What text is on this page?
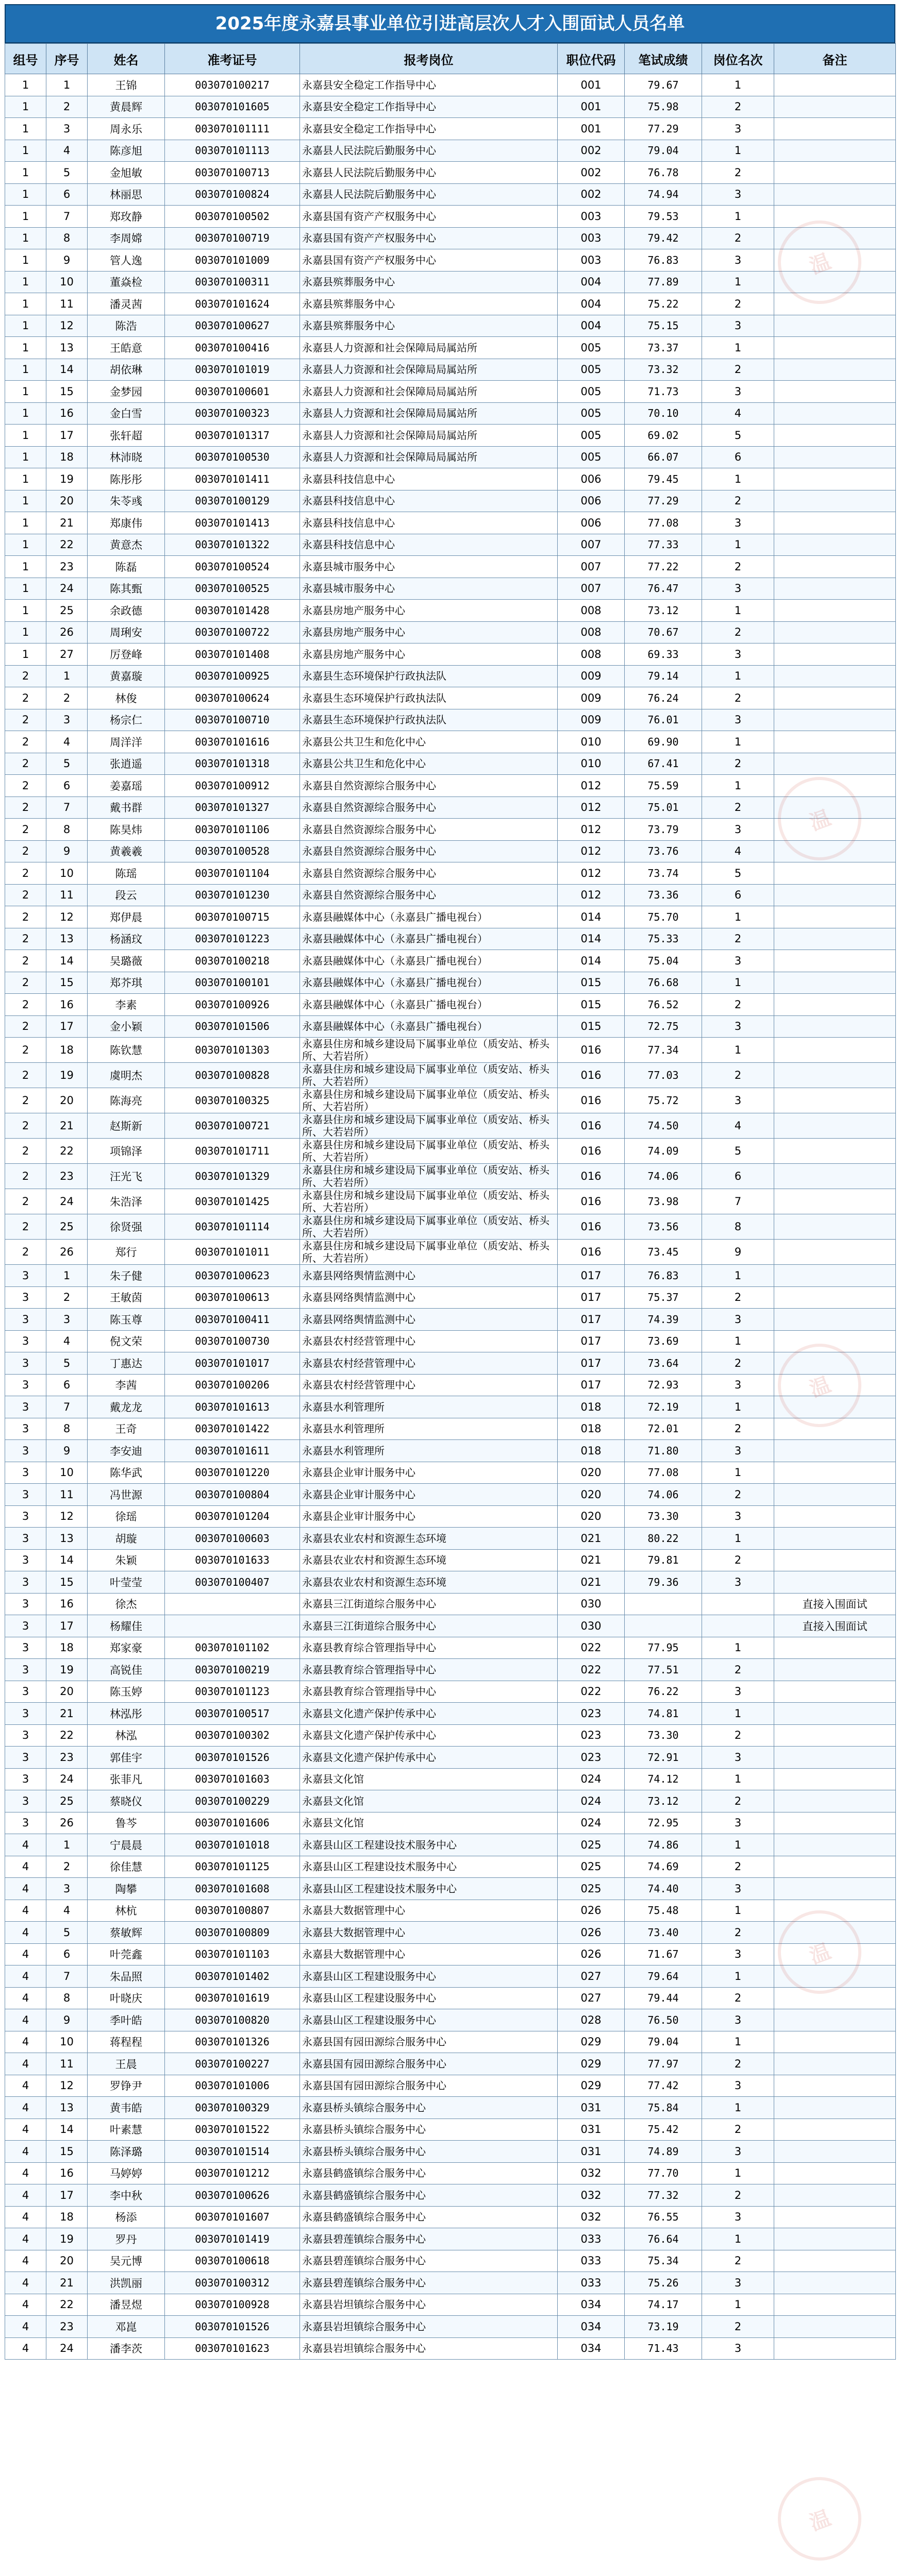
2025年度永嘉县事业单位引进高层次人才入围面试人员名单
组号	序号	姓名	准考证号	报考岗位	职位代码	笔试成绩	岗位名次	备注
1	1	王锦	003070100217	永嘉县安全稳定工作指导中心	001	79.67	1	
1	2	黄晨辉	003070101605	永嘉县安全稳定工作指导中心	001	75.98	2	
1	3	周永乐	003070101111	永嘉县安全稳定工作指导中心	001	77.29	3	
1	4	陈彦旭	003070101113	永嘉县人民法院后勤服务中心	002	79.04	1	
1	5	金旭敏	003070100713	永嘉县人民法院后勤服务中心	002	76.78	2	
1	6	林丽思	003070100824	永嘉县人民法院后勤服务中心	002	74.94	3	
1	7	郑玫静	003070100502	永嘉县国有资产产权服务中心	003	79.53	1	
1	8	李周嫦	003070100719	永嘉县国有资产产权服务中心	003	79.42	2	
1	9	管人逸	003070101009	永嘉县国有资产产权服务中心	003	76.83	3	
1	10	董焱检	003070100311	永嘉县殡葬服务中心	004	77.89	1	
1	11	潘灵茜	003070101624	永嘉县殡葬服务中心	004	75.22	2	
1	12	陈浩	003070100627	永嘉县殡葬服务中心	004	75.15	3	
1	13	王皓意	003070100416	永嘉县人力资源和社会保障局局属站所	005	73.37	1	
1	14	胡依琳	003070101019	永嘉县人力资源和社会保障局局属站所	005	73.32	2	
1	15	金梦园	003070100601	永嘉县人力资源和社会保障局局属站所	005	71.73	3	
1	16	金白雪	003070100323	永嘉县人力资源和社会保障局局属站所	005	70.10	4	
1	17	张轩超	003070101317	永嘉县人力资源和社会保障局局属站所	005	69.02	5	
1	18	林沛晓	003070100530	永嘉县人力资源和社会保障局局属站所	005	66.07	6	
1	19	陈彤彤	003070101411	永嘉县科技信息中心	006	79.45	1	
1	20	朱苓彧	003070100129	永嘉县科技信息中心	006	77.29	2	
1	21	郑康伟	003070101413	永嘉县科技信息中心	006	77.08	3	
1	22	黄意杰	003070101322	永嘉县科技信息中心	007	77.33	1	
1	23	陈磊	003070100524	永嘉县城市服务中心	007	77.22	2	
1	24	陈其甄	003070100525	永嘉县城市服务中心	007	76.47	3	
1	25	余政德	003070101428	永嘉县房地产服务中心	008	73.12	1	
1	26	周琍安	003070100722	永嘉县房地产服务中心	008	70.67	2	
1	27	厉登峰	003070101408	永嘉县房地产服务中心	008	69.33	3	
2	1	黄嘉璇	003070100925	永嘉县生态环境保护行政执法队	009	79.14	1	
2	2	林俊	003070100624	永嘉县生态环境保护行政执法队	009	76.24	2	
2	3	杨宗仁	003070100710	永嘉县生态环境保护行政执法队	009	76.01	3	
2	4	周洋洋	003070101616	永嘉县公共卫生和危化中心	010	69.90	1	
2	5	张逍遥	003070101318	永嘉县公共卫生和危化中心	010	67.41	2	
2	6	姜嘉瑶	003070100912	永嘉县自然资源综合服务中心	012	75.59	1	
2	7	戴书群	003070101327	永嘉县自然资源综合服务中心	012	75.01	2	
2	8	陈昊炜	003070101106	永嘉县自然资源综合服务中心	012	73.79	3	
2	9	黄羲羲	003070100528	永嘉县自然资源综合服务中心	012	73.76	4	
2	10	陈瑶	003070101104	永嘉县自然资源综合服务中心	012	73.74	5	
2	11	段云	003070101230	永嘉县自然资源综合服务中心	012	73.36	6	
2	12	郑伊晨	003070100715	永嘉县融媒体中心（永嘉县广播电视台）	014	75.70	1	
2	13	杨涵玟	003070101223	永嘉县融媒体中心（永嘉县广播电视台）	014	75.33	2	
2	14	吴璐薇	003070100218	永嘉县融媒体中心（永嘉县广播电视台）	014	75.04	3	
2	15	郑芥琪	003070100101	永嘉县融媒体中心（永嘉县广播电视台）	015	76.68	1	
2	16	李素	003070100926	永嘉县融媒体中心（永嘉县广播电视台）	015	76.52	2	
2	17	金小颖	003070101506	永嘉县融媒体中心（永嘉县广播电视台）	015	72.75	3	
2	18	陈钦慧	003070101303	永嘉县住房和城乡建设局下属事业单位（质安站、桥头所、大若岩所）	016	77.34	1	
2	19	虞明杰	003070100828	永嘉县住房和城乡建设局下属事业单位（质安站、桥头所、大若岩所）	016	77.03	2	
2	20	陈海亮	003070100325	永嘉县住房和城乡建设局下属事业单位（质安站、桥头所、大若岩所）	016	75.72	3	
2	21	赵斯新	003070100721	永嘉县住房和城乡建设局下属事业单位（质安站、桥头所、大若岩所）	016	74.50	4	
2	22	项锦泽	003070101711	永嘉县住房和城乡建设局下属事业单位（质安站、桥头所、大若岩所）	016	74.09	5	
2	23	汪光飞	003070101329	永嘉县住房和城乡建设局下属事业单位（质安站、桥头所、大若岩所）	016	74.06	6	
2	24	朱浩泽	003070101425	永嘉县住房和城乡建设局下属事业单位（质安站、桥头所、大若岩所）	016	73.98	7	
2	25	徐贤强	003070101114	永嘉县住房和城乡建设局下属事业单位（质安站、桥头所、大若岩所）	016	73.56	8	
2	26	郑行	003070101011	永嘉县住房和城乡建设局下属事业单位（质安站、桥头所、大若岩所）	016	73.45	9	
3	1	朱子健	003070100623	永嘉县网络舆情监测中心	017	76.83	1	
3	2	王敏茵	003070100613	永嘉县网络舆情监测中心	017	75.37	2	
3	3	陈玉尊	003070100411	永嘉县网络舆情监测中心	017	74.39	3	
3	4	倪文荣	003070100730	永嘉县农村经营管理中心	017	73.69	1	
3	5	丁惠达	003070101017	永嘉县农村经营管理中心	017	73.64	2	
3	6	李茜	003070100206	永嘉县农村经营管理中心	017	72.93	3	
3	7	戴龙龙	003070101613	永嘉县水利管理所	018	72.19	1	
3	8	王奇	003070101422	永嘉县水利管理所	018	72.01	2	
3	9	李安迪	003070101611	永嘉县水利管理所	018	71.80	3	
3	10	陈华武	003070101220	永嘉县企业审计服务中心	020	77.08	1	
3	11	冯世源	003070100804	永嘉县企业审计服务中心	020	74.06	2	
3	12	徐瑶	003070101204	永嘉县企业审计服务中心	020	73.30	3	
3	13	胡璇	003070100603	永嘉县农业农村和资源生态环境	021	80.22	1	
3	14	朱颖	003070101633	永嘉县农业农村和资源生态环境	021	79.81	2	
3	15	叶莹莹	003070100407	永嘉县农业农村和资源生态环境	021	79.36	3	
3	16	徐杰		永嘉县三江街道综合服务中心	030			直接入围面试
3	17	杨耀佳		永嘉县三江街道综合服务中心	030			直接入围面试
3	18	郑家豪	003070101102	永嘉县教育综合管理指导中心	022	77.95	1	
3	19	高锐佳	003070100219	永嘉县教育综合管理指导中心	022	77.51	2	
3	20	陈玉婷	003070101123	永嘉县教育综合管理指导中心	022	76.22	3	
3	21	林泓彤	003070100517	永嘉县文化遗产保护传承中心	023	74.81	1	
3	22	林泓	003070100302	永嘉县文化遗产保护传承中心	023	73.30	2	
3	23	郭佳宇	003070101526	永嘉县文化遗产保护传承中心	023	72.91	3	
3	24	张菲凡	003070101603	永嘉县文化馆	024	74.12	1	
3	25	蔡晓仪	003070100229	永嘉县文化馆	024	73.12	2	
3	26	鲁芩	003070101606	永嘉县文化馆	024	72.95	3	
4	1	宁晨晨	003070101018	永嘉县山区工程建设技术服务中心	025	74.86	1	
4	2	徐佳慧	003070101125	永嘉县山区工程建设技术服务中心	025	74.69	2	
4	3	陶攀	003070101608	永嘉县山区工程建设技术服务中心	025	74.40	3	
4	4	林杭	003070100807	永嘉县大数据管理中心	026	75.48	1	
4	5	蔡敏辉	003070100809	永嘉县大数据管理中心	026	73.40	2	
4	6	叶莞鑫	003070101103	永嘉县大数据管理中心	026	71.67	3	
4	7	朱品照	003070101402	永嘉县山区工程建设服务中心	027	79.64	1	
4	8	叶晓庆	003070101619	永嘉县山区工程建设服务中心	027	79.44	2	
4	9	季叶皓	003070100820	永嘉县山区工程建设服务中心	028	76.50	3	
4	10	蒋程程	003070101326	永嘉县国有园田源综合服务中心	029	79.04	1	
4	11	王晨	003070100227	永嘉县国有园田源综合服务中心	029	77.97	2	
4	12	罗铮尹	003070101006	永嘉县国有园田源综合服务中心	029	77.42	3	
4	13	黄韦皓	003070100329	永嘉县桥头镇综合服务中心	031	75.84	1	
4	14	叶素慧	003070101522	永嘉县桥头镇综合服务中心	031	75.42	2	
4	15	陈泽璐	003070101514	永嘉县桥头镇综合服务中心	031	74.89	3	
4	16	马婷婷	003070101212	永嘉县鹤盛镇综合服务中心	032	77.70	1	
4	17	李中秋	003070100626	永嘉县鹤盛镇综合服务中心	032	77.32	2	
4	18	杨添	003070101607	永嘉县鹤盛镇综合服务中心	032	76.55	3	
4	19	罗丹	003070101419	永嘉县碧莲镇综合服务中心	033	76.64	1	
4	20	吴元博	003070100618	永嘉县碧莲镇综合服务中心	033	75.34	2	
4	21	洪凯丽	003070100312	永嘉县碧莲镇综合服务中心	033	75.26	3	
4	22	潘昱煜	003070100928	永嘉县岩坦镇综合服务中心	034	74.17	1	
4	23	邓崑	003070101526	永嘉县岩坦镇综合服务中心	034	73.19	2	
4	24	潘李茨	003070101623	永嘉县岩坦镇综合服务中心	034	71.43	3	
温
温
温
温
温
